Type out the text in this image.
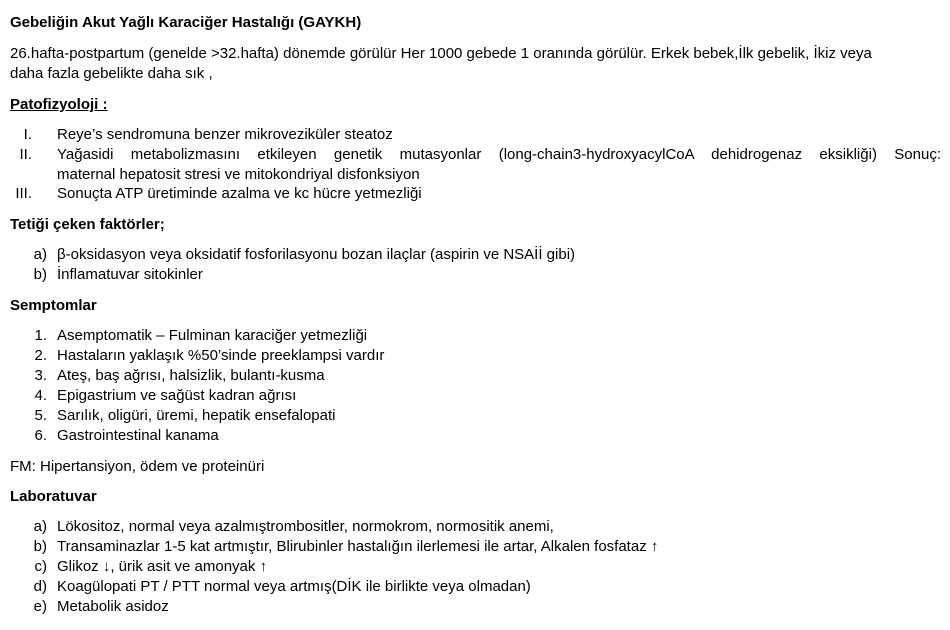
Gebeliğin Akut Yağlı Karaciğer Hastalığı (GAYKH)
26.hafta-postpartum (genelde >32.hafta) dönemde görülür Her 1000 gebede 1 oranında görülür. Erkek bebek,İlk gebelik, İkiz veya
daha fazla gebelikte daha sık ,
Patofizyoloji :
I. Reye’s sendromuna benzer mikroveziküler steatoz
II. Yağasidi metabolizmasını etkileyen genetik mutasyonlar (long-chain3-hydroxyacylCoA dehidrogenaz eksikliği) Sonuç:
maternal hepatosit stresi ve mitokondriyal disfonksiyon
III. Sonuçta ATP üretiminde azalma ve kc hücre yetmezliği
Tetiği çeken faktörler;
a) β-oksidasyon veya oksidatif fosforilasyonu bozan ilaçlar (aspirin ve NSAİİ gibi)
b) İnflamatuvar sitokinler
Semptomlar
1. Asemptomatik – Fulminan karaciğer yetmezliği
2. Hastaların yaklaşık %50’sinde preeklampsi vardır
3. Ateş, baş ağrısı, halsizlik, bulantı-kusma
4. Epigastrium ve sağüst kadran ağrısı
5. Sarılık, oligüri, üremi, hepatik ensefalopati
6. Gastrointestinal kanama
FM: Hipertansiyon, ödem ve proteinüri
Laboratuvar
a) Lökositoz, normal veya azalmıştrombositler, normokrom, normositik anemi,
b) Transaminazlar 1-5 kat artmıştır, Blirubinler hastalığın ilerlemesi ile artar, Alkalen fosfataz ↑
c) Glikoz ↓, ürik asit ve amonyak ↑
d) Koagülopati PT / PTT normal veya artmış(DİK ile birlikte veya olmadan)
e) Metabolik asidoz
